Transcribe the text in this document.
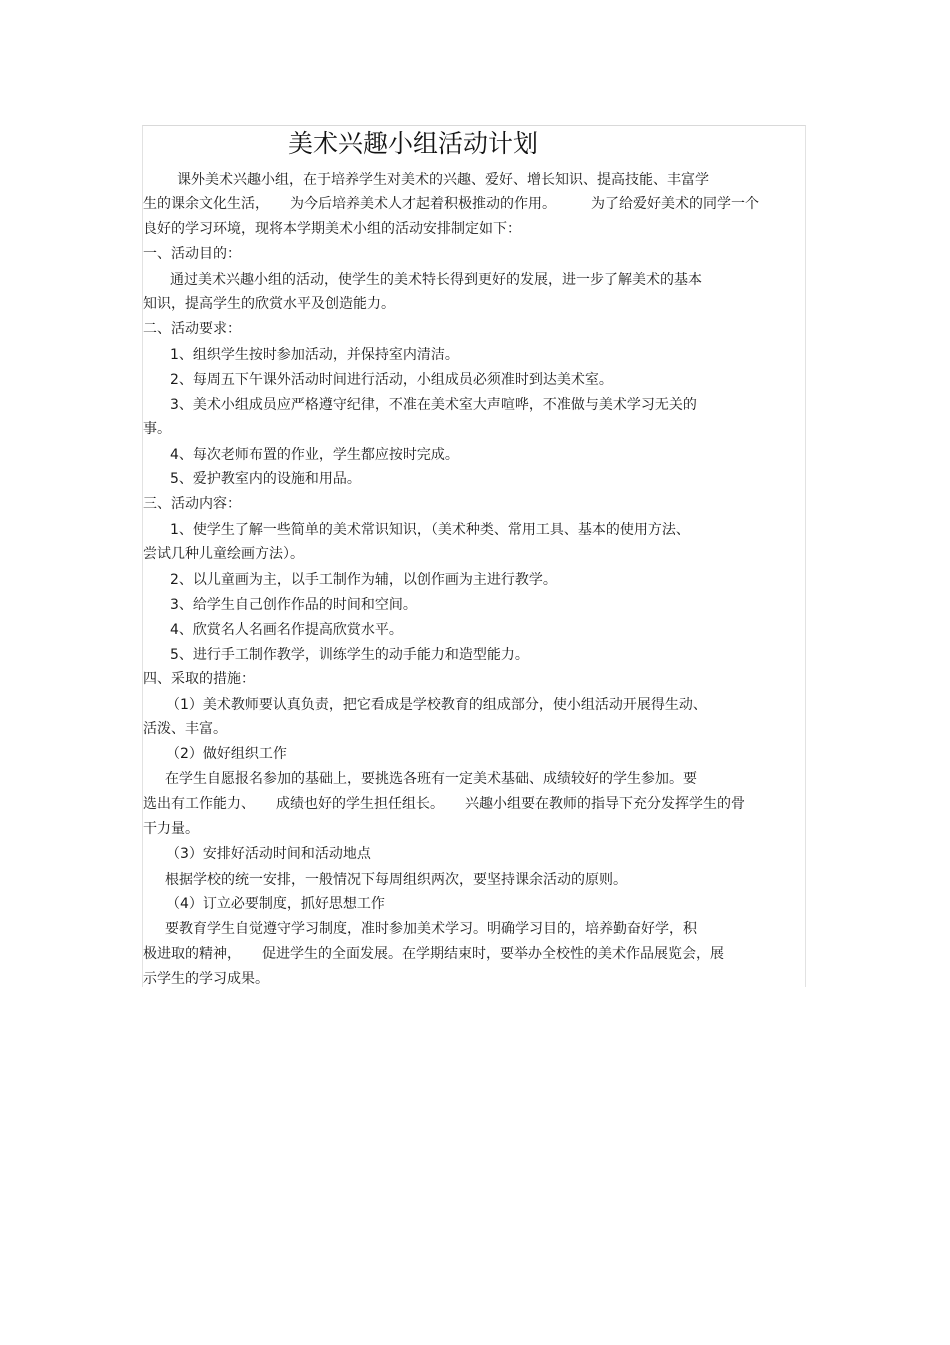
美术兴趣小组活动计划
课外美术兴趣小组，在于培养学生对美术的兴趣、爱好、增长知识、提高技能、丰富学
生的课余文化生活，　　为今后培养美术人才起着积极推动的作用。　　　为了给爱好美术的同学一个
良好的学习环境，现将本学期美术小组的活动安排制定如下：
一、活动目的：
通过美术兴趣小组的活动，使学生的美术特长得到更好的发展，进一步了解美术的基本
知识，提高学生的欣赏水平及创造能力。
二、活动要求：
1、组织学生按时参加活动，并保持室内清洁。
2、每周五下午课外活动时间进行活动，小组成员必须准时到达美术室。
3、美术小组成员应严格遵守纪律，不准在美术室大声喧哗，不准做与美术学习无关的
事。
4、每次老师布置的作业，学生都应按时完成。
5、爱护教室内的设施和用品。
三、活动内容：
1、使学生了解一些简单的美术常识知识，（美术种类、常用工具、基本的使用方法、
尝试几种儿童绘画方法）。
2、以儿童画为主，以手工制作为辅，以创作画为主进行教学。
3、给学生自己创作作品的时间和空间。
4、欣赏名人名画名作提高欣赏水平。
5、进行手工制作教学，训练学生的动手能力和造型能力。
四、采取的措施：
（1）美术教师要认真负责，把它看成是学校教育的组成部分，使小组活动开展得生动、
活泼、丰富。
（2）做好组织工作
在学生自愿报名参加的基础上，要挑选各班有一定美术基础、成绩较好的学生参加。要
选出有工作能力、　　成绩也好的学生担任组长。　　兴趣小组要在教师的指导下充分发挥学生的骨
干力量。
（3）安排好活动时间和活动地点
根据学校的统一安排，一般情况下每周组织两次，要坚持课余活动的原则。
（4）订立必要制度，抓好思想工作
要教育学生自觉遵守学习制度，准时参加美术学习。明确学习目的，培养勤奋好学，积
极进取的精神，　　促进学生的全面发展。在学期结束时，要举办全校性的美术作品展览会，展
示学生的学习成果。
